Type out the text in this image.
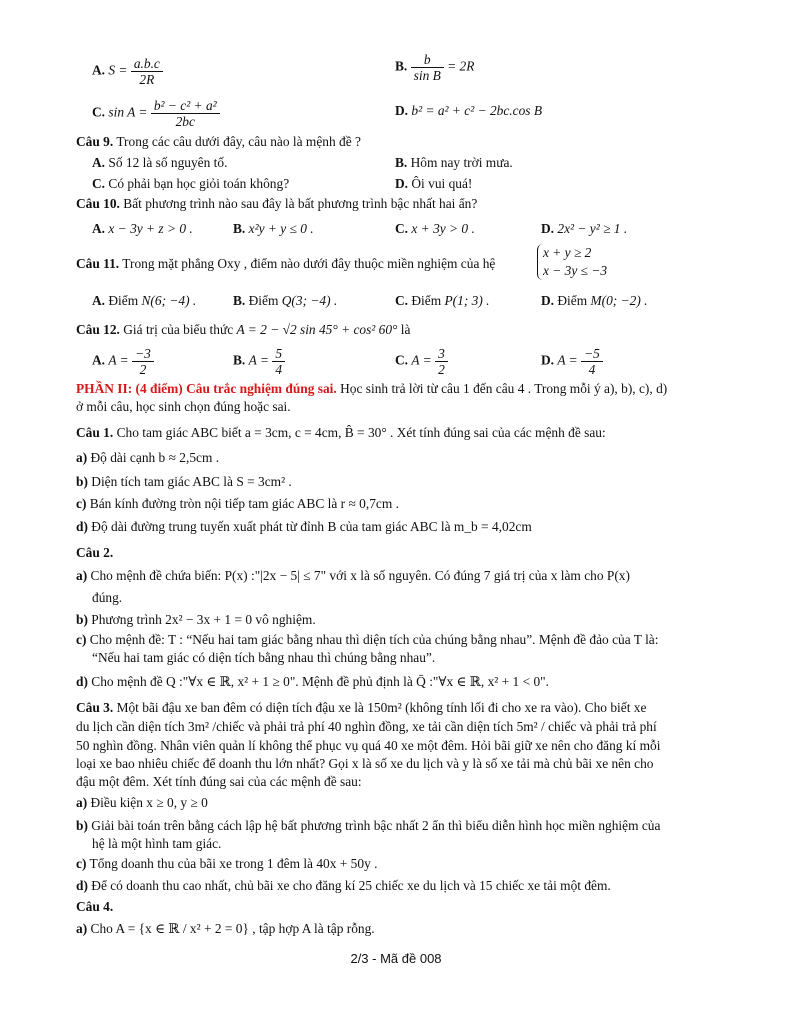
A. $S = \frac{a.b.c}{2R}$	B. $\frac{b}{\text{sin B}} = 2R$
C. $\sin A = \frac{\text{b² − c² + a²}}{2bc}$	D. b² = a² + c² − 2bc.cos B
Câu 9. Trong các câu dưới đây, câu nào là mệnh đề ?
A. Số 12 là số nguyên tố.	B. Hôm nay trời mưa.
C. Có phải bạn học giỏi toán không?	D. Ôi vui quá!
Câu 10. Bất phương trình nào sau đây là bất phương trình bậc nhất hai ẩn?
A. x − 3y + z > 0 .	B. x²y + y ≤ 0 .	C. x + 3y > 0 .	D. 2x² − y² ≥ 1 .
Câu 11. Trong mặt phẳng Oxy , điểm nào dưới đây thuộc miền nghiệm của hệ
x + y ≥ 2
x − 3y ≤ −3
A. Điểm N(6; −4) .	B. Điểm Q(3; −4) .	C. Điểm P(1; 3) .	D. Điểm M(0; −2) .
Câu 12. Giá trị của biểu thức A = 2 − √2 sin 45° + cos² 60° là
A. $A = \frac{-3}{2}$	B. $A = \frac{5}{4}$	C. $A = \frac{3}{2}$	D. $A = \frac{-5}{4}$
PHẦN II: (4 điểm) Câu trắc nghiệm đúng sai. Học sinh trả lời từ câu 1 đến câu 4 . Trong mỗi ý a), b), c), d)
ở mỗi câu, học sinh chọn đúng hoặc sai.
Câu 1. Cho tam giác ABC biết a = 3cm, c = 4cm, B̂ = 30° . Xét tính đúng sai của các mệnh đề sau:
a) Độ dài cạnh b ≈ 2,5cm .
b) Diện tích tam giác ABC là S = 3cm² .
c) Bán kính đường tròn nội tiếp tam giác ABC là r ≈ 0,7cm .
d) Độ dài đường trung tuyến xuất phát từ đỉnh B của tam giác ABC là m_b = 4,02cm
Câu 2.
a) Cho mệnh đề chứa biến: P(x) :"|2x − 5| ≤ 7" với x là số nguyên. Có đúng 7 giá trị của x làm cho P(x)
đúng.
b) Phương trình 2x² − 3x + 1 = 0 vô nghiệm.
c) Cho mệnh đề: T : “Nếu hai tam giác bằng nhau thì diện tích của chúng bằng nhau”. Mệnh đề đảo của T là:
“Nếu hai tam giác có diện tích bằng nhau thì chúng bằng nhau”.
d) Cho mệnh đề Q :"∀x ∈ ℝ, x² + 1 ≥ 0". Mệnh đề phủ định là Q̄ :"∀x ∈ ℝ, x² + 1 < 0".
Câu 3. Một bãi đậu xe ban đêm có diện tích đậu xe là 150m² (không tính lối đi cho xe ra vào). Cho biết xe
du lịch cần diện tích 3m² /chiếc và phải trả phí 40 nghìn đồng, xe tải cần diện tích 5m² / chiếc và phải trả phí
50 nghìn đồng. Nhân viên quản lí không thể phục vụ quá 40 xe một đêm. Hỏi bãi giữ xe nên cho đăng kí mỗi
loại xe bao nhiêu chiếc để doanh thu lớn nhất? Gọi x là số xe du lịch và y là số xe tải mà chủ bãi xe nên cho
đậu một đêm. Xét tính đúng sai của các mệnh đề sau:
a) Điều kiện x ≥ 0, y ≥ 0
b) Giải bài toán trên bằng cách lập hệ bất phương trình bậc nhất 2 ẩn thì biểu diễn hình học miền nghiệm của
hệ là một hình tam giác.
c) Tổng doanh thu của bãi xe trong 1 đêm là 40x + 50y .
d) Để có doanh thu cao nhất, chủ bãi xe cho đăng kí 25 chiếc xe du lịch và 15 chiếc xe tải một đêm.
Câu 4.
a) Cho A = {x ∈ ℝ / x² + 2 = 0} , tập hợp A là tập rỗng.
2/3 - Mã đề 008
